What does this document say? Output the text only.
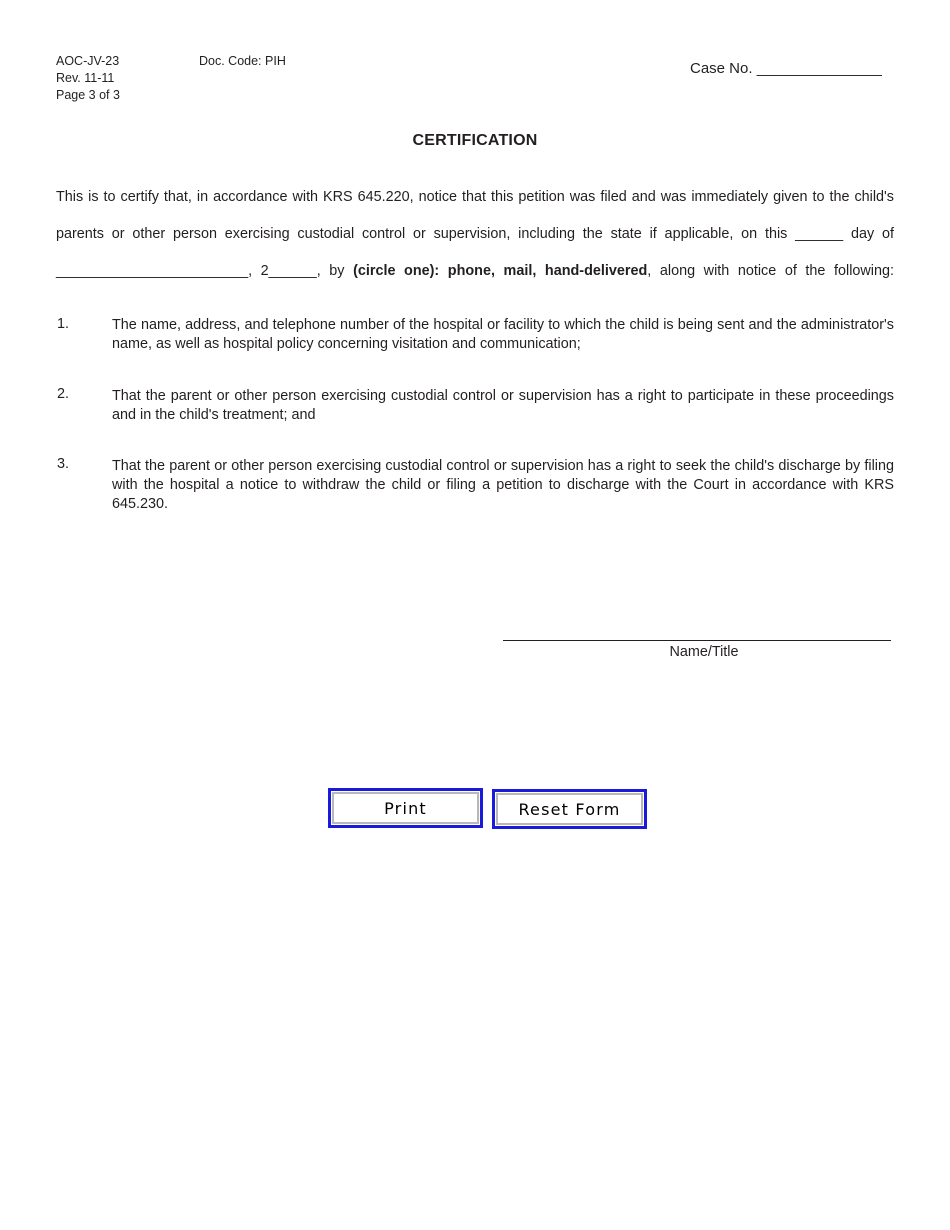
AOC-JV-23
Rev. 11-11
Page 3 of 3
Doc. Code: PIH	Case No. _______________
CERTIFICATION
This is to certify that, in accordance with KRS 645.220, notice that this petition was filed and was immediately given to the child's
parents or other person exercising custodial control or supervision, including the state if applicable, on this ______ day of
________________________, 2______, by (circle one): phone, mail, hand-delivered, along with notice of the following:
1.	The name, address, and telephone number of the hospital or facility to which the child is being sent and the administrator's name, as well as hospital policy concerning visitation and communication;
2.	That the parent or other person exercising custodial control or supervision has a right to participate in these proceedings and in the child's treatment; and
3.	That the parent or other person exercising custodial control or supervision has a right to seek the child's discharge by filing with the hospital a notice to withdraw the child or filing a petition to discharge with the Court in accordance with KRS 645.230.
Name/Title
Print	Reset Form
